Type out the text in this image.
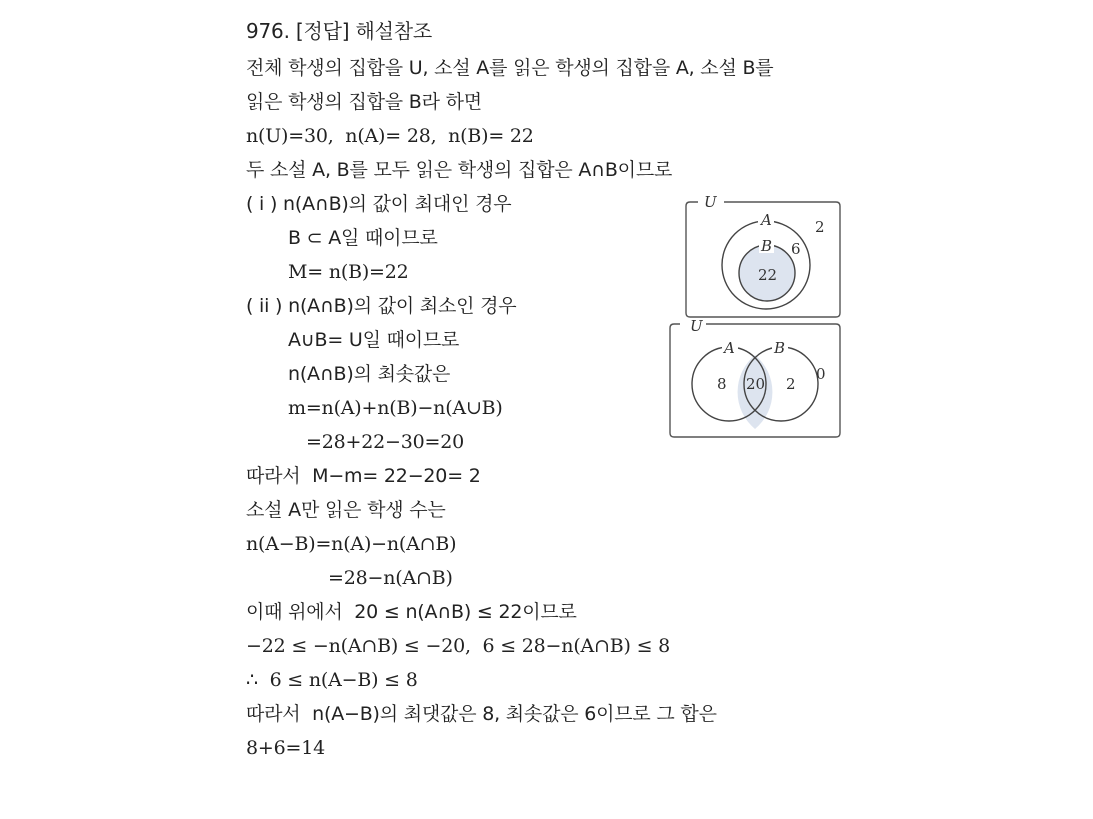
976. [정답] 해설참조
전체 학생의 집합을 U, 소설 A를 읽은 학생의 집합을 A, 소설 B를
읽은 학생의 집합을 B라 하면
n(U)=30,  n(A)= 28,  n(B)= 22
두 소설 A, B를 모두 읽은 학생의 집합은 A∩B이므로
( i ) n(A∩B)의 값이 최대인 경우
B ⊂ A일 때이므로
M= n(B)=22
( ii ) n(A∩B)의 값이 최소인 경우
A∪B= U일 때이므로
n(A∩B)의 최솟값은
m=n(A)+n(B)−n(A∪B)
=28+22−30=20
따라서  M−m= 22−20= 2
소설 A만 읽은 학생 수는
n(A−B)=n(A)−n(A∩B)
=28−n(A∩B)
이때 위에서  20 ≤ n(A∩B) ≤ 22이므로
−22 ≤ −n(A∩B) ≤ −20,  6 ≤ 28−n(A∩B) ≤ 8
∴  6 ≤ n(A−B) ≤ 8
따라서  n(A−B)의 최댓값은 8, 최솟값은 6이므로 그 합은
8+6=14
U
A
B
2
6
22
U
A	B
0
8 20 2
